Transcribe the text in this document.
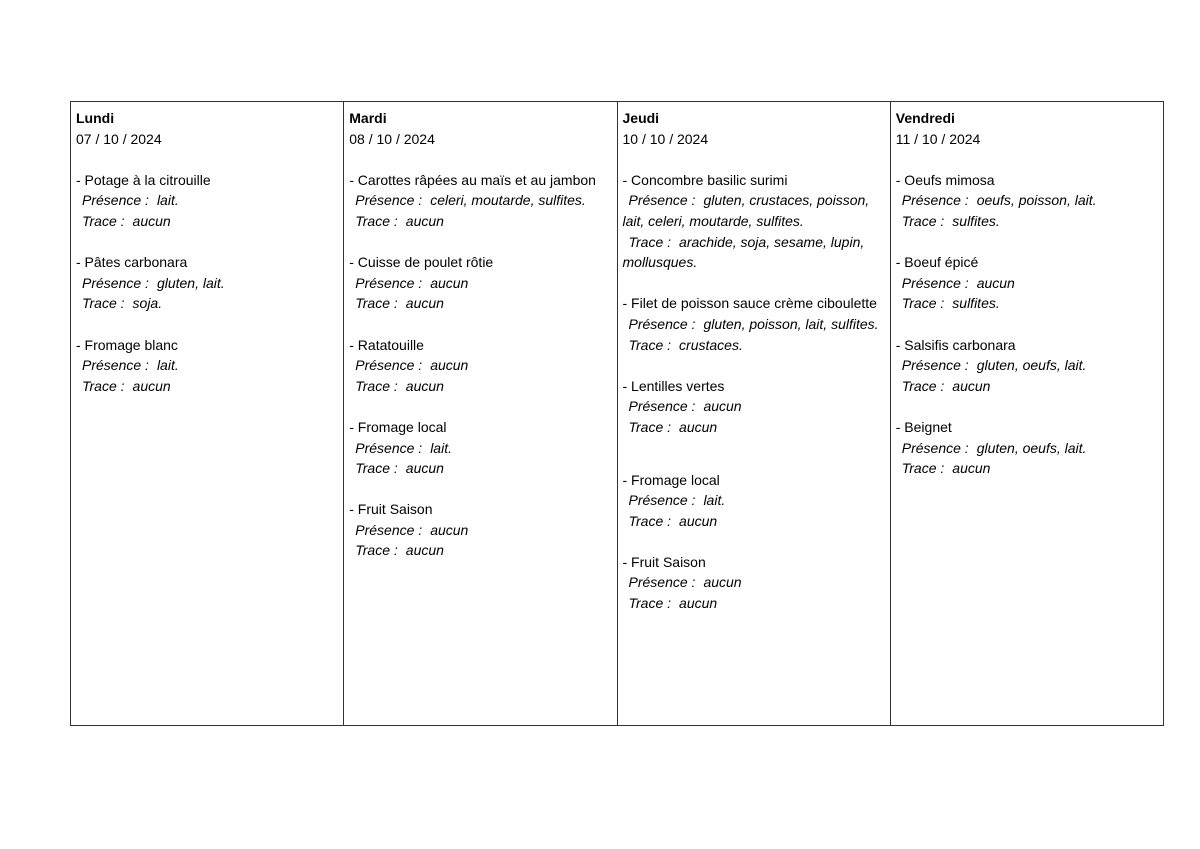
Lundi
07 / 10 / 2024
- Potage à la citrouille
Présence : lait.
Trace : aucun
- Pâtes carbonara
Présence : gluten, lait.
Trace : soja.
- Fromage blanc
Présence : lait.
Trace : aucun
Mardi
08 / 10 / 2024
- Carottes râpées au maïs et au jambon
Présence : celeri, moutarde, sulfites.
Trace : aucun
- Cuisse de poulet rôtie
Présence : aucun
Trace : aucun
- Ratatouille
Présence : aucun
Trace : aucun
- Fromage local
Présence : lait.
Trace : aucun
- Fruit Saison
Présence : aucun
Trace : aucun
Jeudi
10 / 10 / 2024
- Concombre basilic surimi
Présence : gluten, crustaces, poisson,
lait, celeri, moutarde, sulfites.
Trace : arachide, soja, sesame, lupin,
mollusques.
- Filet de poisson sauce crème ciboulette
Présence : gluten, poisson, lait, sulfites.
Trace : crustaces.
- Lentilles vertes
Présence : aucun
Trace : aucun
- Fromage local
Présence : lait.
Trace : aucun
- Fruit Saison
Présence : aucun
Trace : aucun
Vendredi
11 / 10 / 2024
- Oeufs mimosa
Présence : oeufs, poisson, lait.
Trace : sulfites.
- Boeuf épicé
Présence : aucun
Trace : sulfites.
- Salsifis carbonara
Présence : gluten, oeufs, lait.
Trace : aucun
- Beignet
Présence : gluten, oeufs, lait.
Trace : aucun
